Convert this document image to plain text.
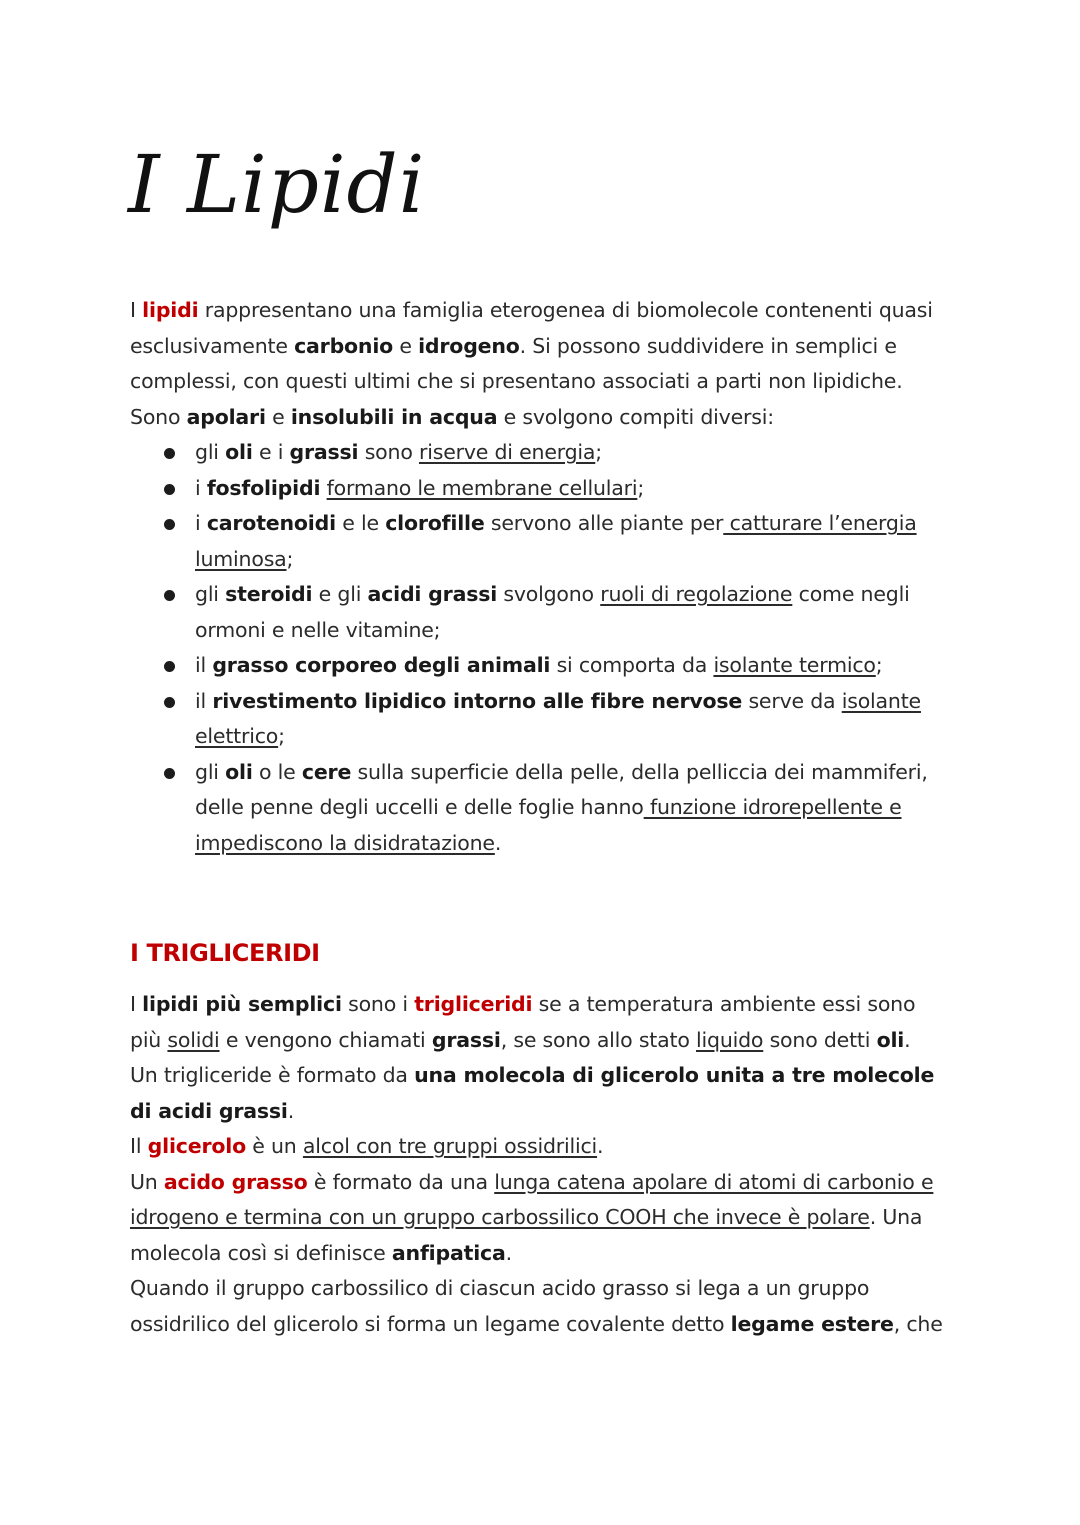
I Lipidi

I lipidi rappresentano una famiglia eterogenea di biomolecole contenenti quasi esclusivamente carbonio e idrogeno. Si possono suddividere in semplici e complessi, con questi ultimi che si presentano associati a parti non lipidiche.

Sono apolari e insolubili in acqua e svolgono compiti diversi:

gli oli e i grassi sono riserve di energia;
i fosfolipidi formano le membrane cellulari;
i carotenoidi e le clorofille servono alle piante per catturare l’energia luminosa;
gli steroidi e gli acidi grassi svolgono ruoli di regolazione come negli ormoni e nelle vitamine;
il grasso corporeo degli animali si comporta da isolante termico;
il rivestimento lipidico intorno alle fibre nervose serve da isolante elettrico;
gli oli o le cere sulla superficie della pelle, della pelliccia dei mammiferi, delle penne degli uccelli e delle foglie hanno funzione idrorepellente e impediscono la disidratazione.
I TRIGLICERIDI

I lipidi più semplici sono i trigliceridi se a temperatura ambiente essi sono più solidi e vengono chiamati grassi, se sono allo stato liquido sono detti oli.

Un trigliceride è formato da una molecola di glicerolo unita a tre molecole di acidi grassi.

Il glicerolo è un alcol con tre gruppi ossidrilici.

Un acido grasso è formato da una lunga catena apolare di atomi di carbonio e idrogeno e termina con un gruppo carbossilico COOH che invece è polare. Una molecola così si definisce anfipatica.

Quando il gruppo carbossilico di ciascun acido grasso si lega a un gruppo ossidrilico del glicerolo si forma un legame covalente detto legame estere, che
